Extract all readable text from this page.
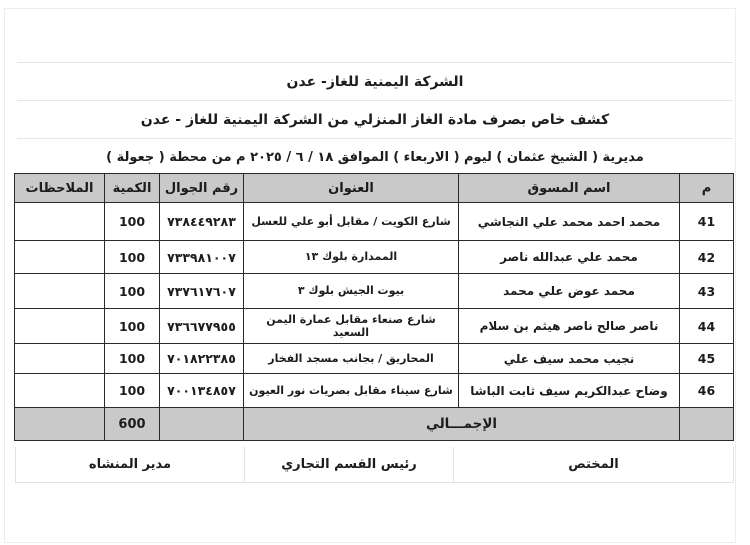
الشركة اليمنية للغاز- عدن
كشف خاص بصرف مادة الغاز المنزلي من الشركة اليمنية للغاز - عدن
مديرية ( الشيخ عثمان ) ليوم ( الاربعاء ) الموافق ١٨ / ٦ / ٢٠٢٥ م من محطة ( جعولة )
م	اسم المسوق	العنوان	رقم الجوال	الكمية	الملاحظات
41	محمد احمد محمد علي النجاشي	شارع الكويت / مقابل أبو علي للعسل	٧٣٨٤٤٩٢٨٣	100	
42	محمد علي عبدالله ناصر	الممدارة بلوك ١٣	٧٣٣٩٨١٠٠٧	100	
43	محمد عوض علي محمد	بيوت الجيش بلوك ٣	٧٣٧٦١٧٦٠٧	100	
44	ناصر صالح ناصر هيثم بن سلام	شارع صنعاء مقابل عمارة اليمن السعيد	٧٣٦٦٧٧٩٥٥	100	
45	نجيب محمد سيف علي	المحاريق / بجانب مسجد الفخار	٧٠١٨٢٢٣٨٥	100	
46	وضاح عبدالكريم سيف ثابت الباشا	شارع سيناء مقابل بصريات نور العيون	٧٠٠١٣٤٨٥٧	100	
	الإجمـــالي			600	
المختص
رئيس القسم التجاري
مدير المنشاه
